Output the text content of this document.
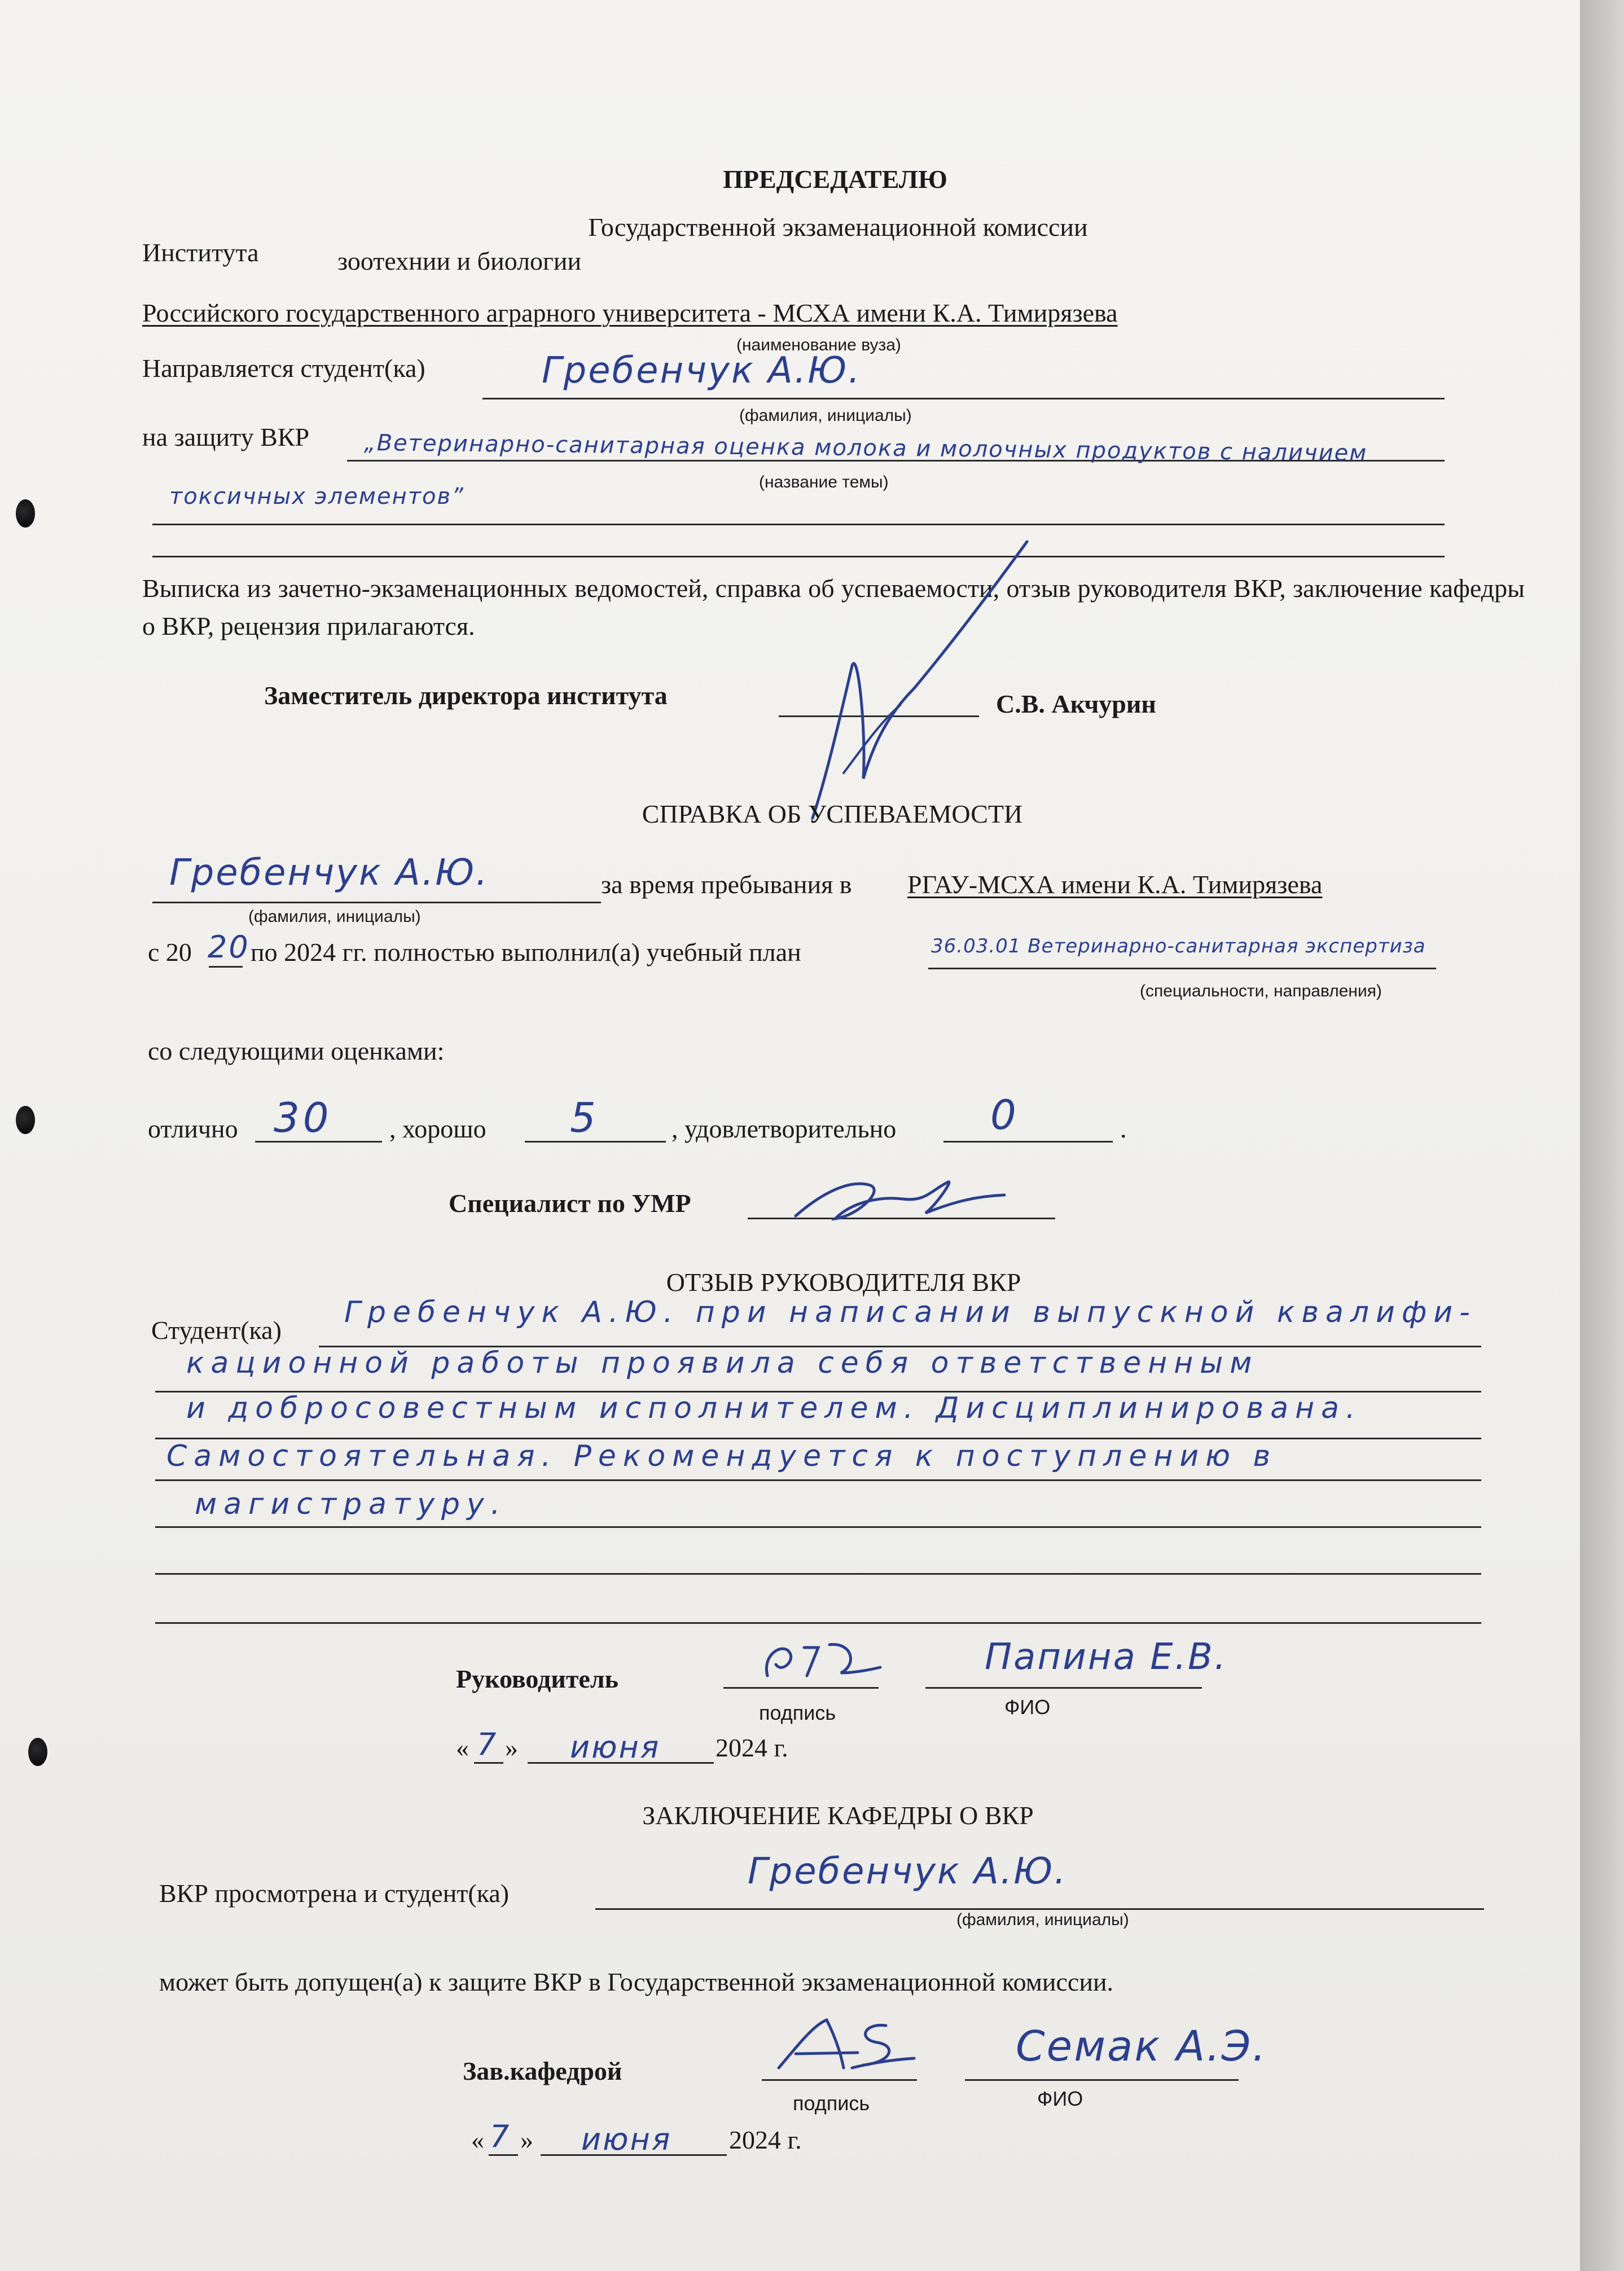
ПРЕДСЕДАТЕЛЮ
Государственной экзаменационной комиссии
Института	зоотехнии и биологии
Российского государственного аграрного университета - МСХА имени К.А. Тимирязева
(наименование вуза)
Направляется студент(ка)	Гребенчук А.Ю.
(фамилия, инициалы)
на защиту ВКР „Ветеринарно-санитарная оценка молока и молочных продуктов с наличием
(название темы)
токсичных элементов”
Выписка из зачетно-экзаменационных ведомостей, справка об успеваемости, отзыв руководителя ВКР, заключение кафедры о ВКР, рецензия прилагаются.
Заместитель директора института	С.В. Акчурин
СПРАВКА ОБ УСПЕВАЕМОСТИ
Гребенчук А.Ю.
(фамилия, инициалы)
за время пребывания в РГАУ-МСХА имени К.А. Тимирязева
с 20 20 по 2024 гг. полностью выполнил(а) учебный план	36.03.01 Ветеринарно-санитарная экспертиза
(специальности, направления)
со следующими оценками:
отлично 30 , хорошо 5	, удовлетворительно 0	.
Специалист по УМР
ОТЗЫВ РУКОВОДИТЕЛЯ ВКР
Студент(ка)
Гребенчук А.Ю. при написании выпускной квалифи-
кационной работы проявила себя ответственным
и добросовестным исполнителем. Дисциплинирована.
Самостоятельная. Рекомендуется к поступлению в
магистратуру.
Руководитель
подпись
Папина Е.В.
ФИО
« 7 » июня 2024 г.
ЗАКЛЮЧЕНИЕ КАФЕДРЫ О ВКР
ВКР просмотрена и студент(ка)
Гребенчук А.Ю.
(фамилия, инициалы)
может быть допущен(а) к защите ВКР в Государственной экзаменационной комиссии.
Зав.кафедрой
подпись
Семак А.Э.
ФИО
« 7 » июня 2024 г.
